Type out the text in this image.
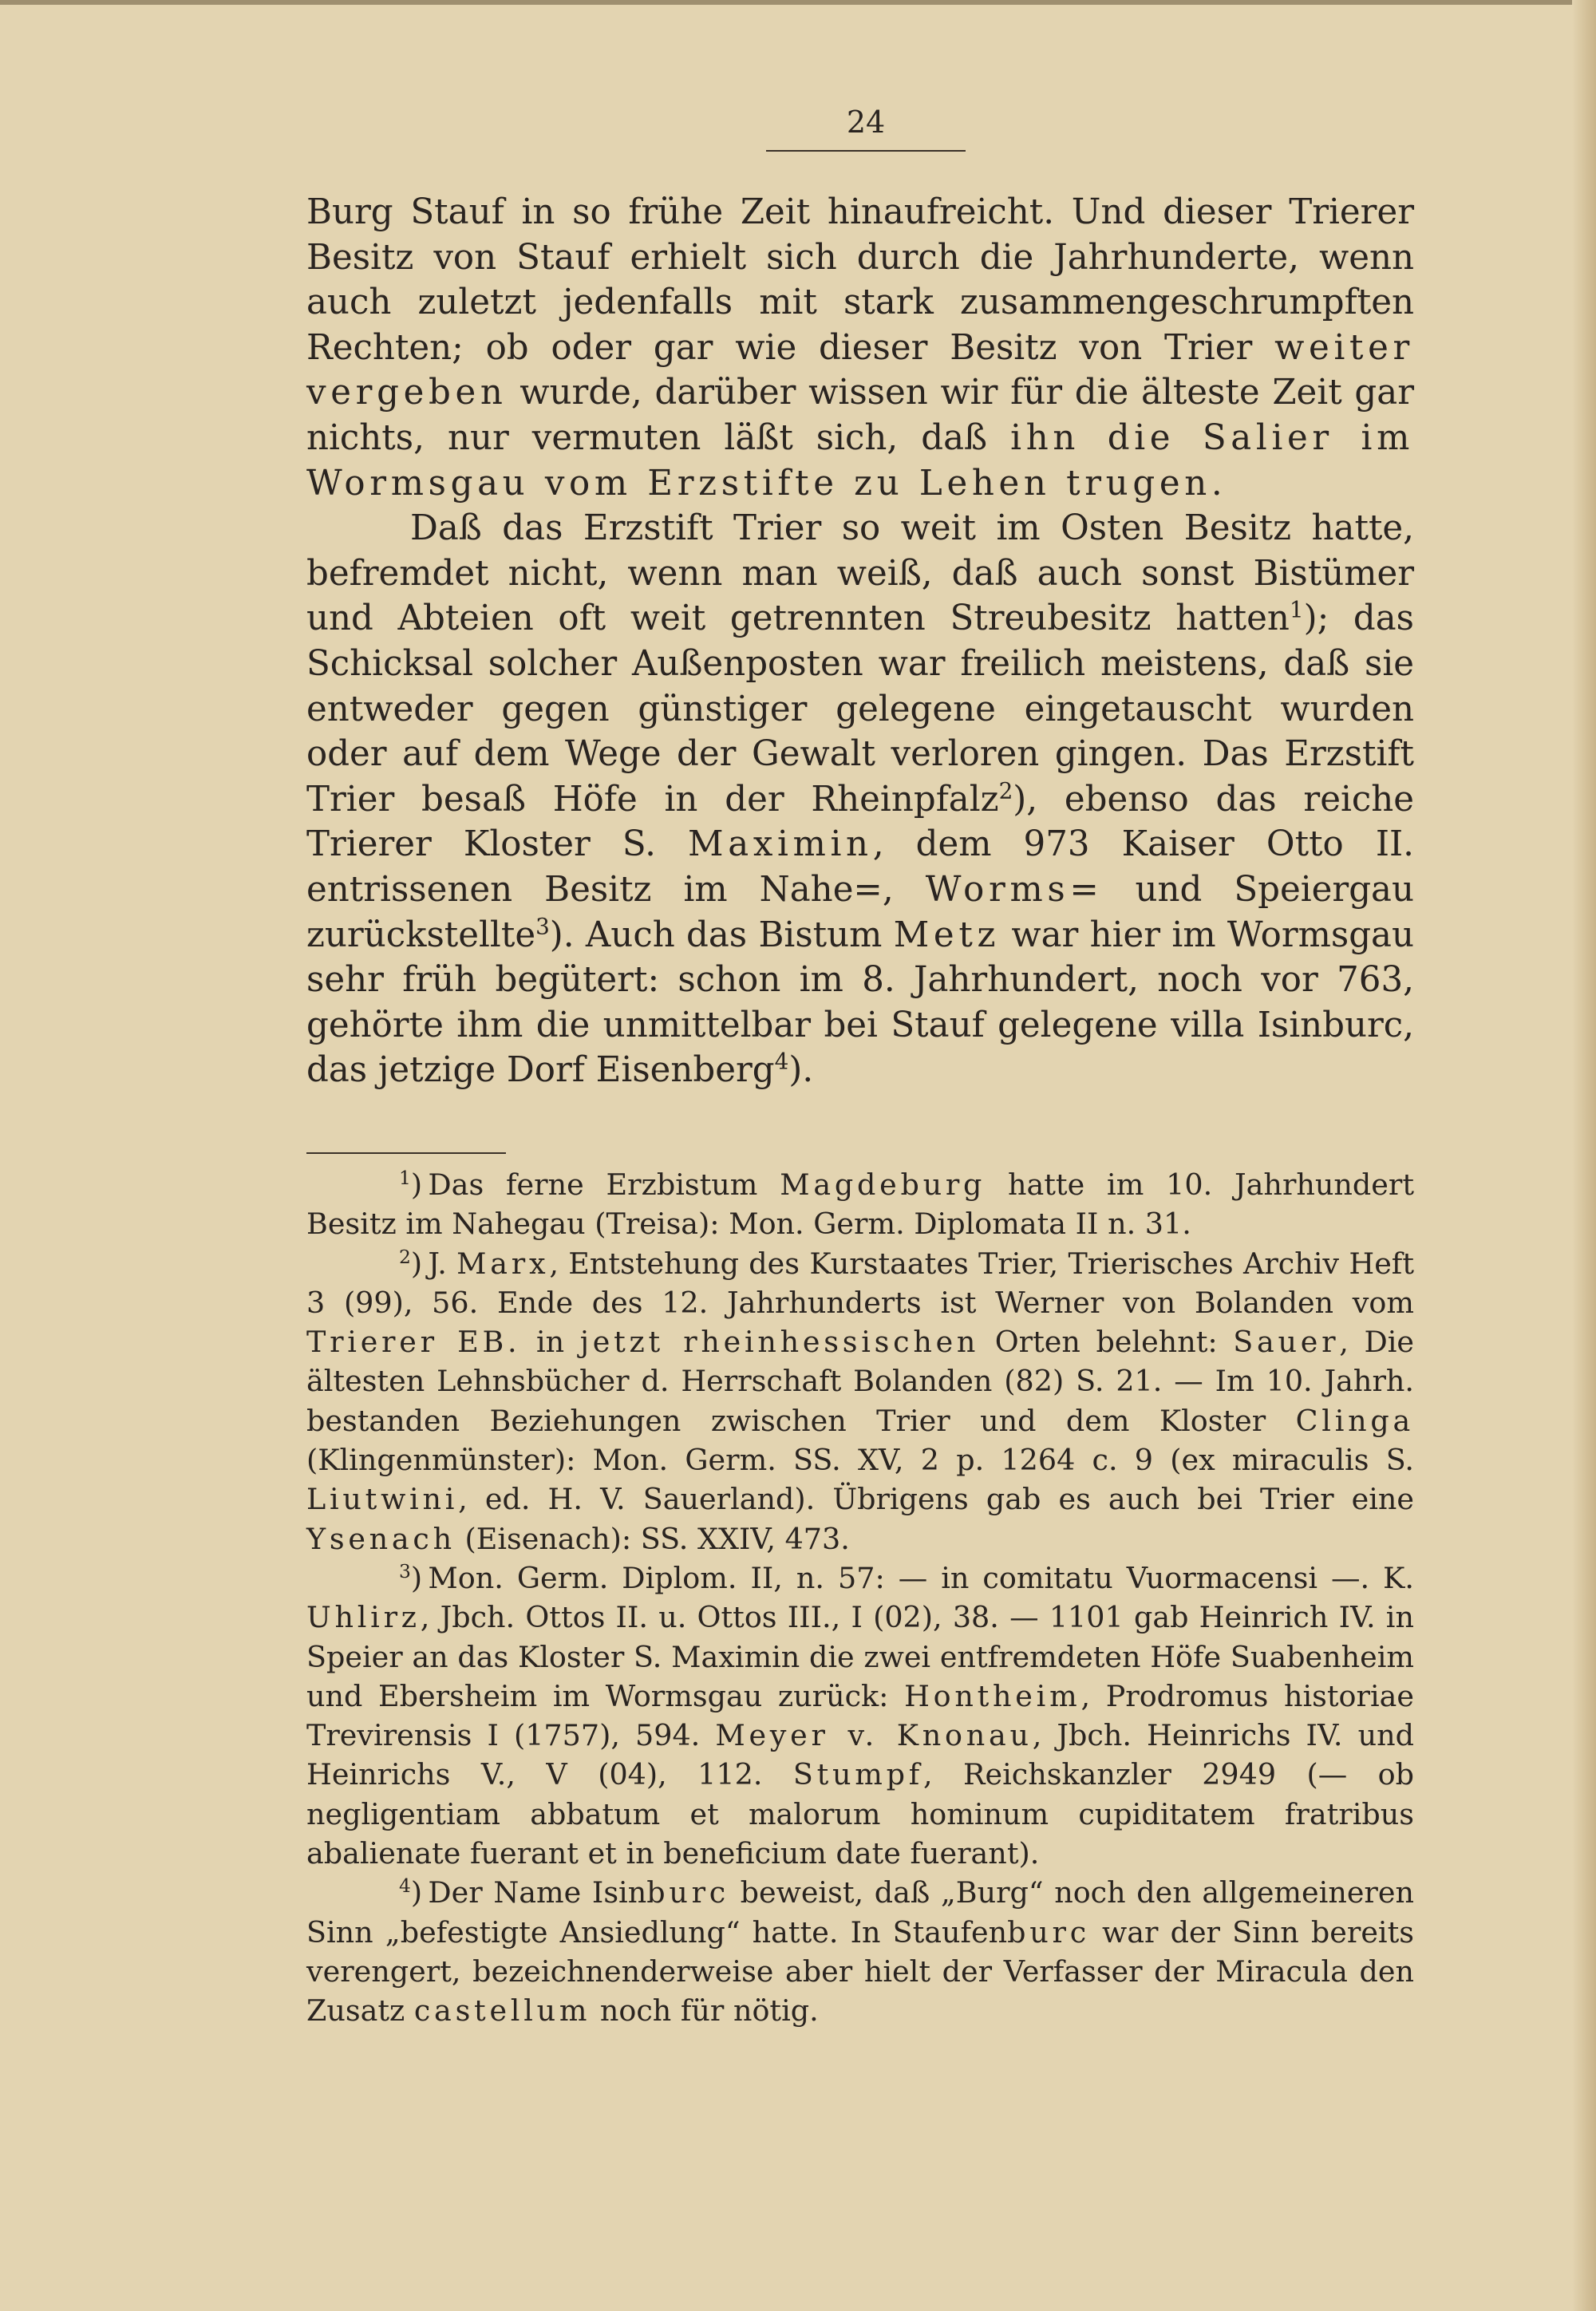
24

Burg Stauf in so frühe Zeit hinaufreicht. Und dieser Trierer Besitz von Stauf erhielt sich durch die Jahrhunderte, wenn auch zuletzt jedenfalls mit stark zusammengeschrumpften Rechten; ob oder gar wie dieser Besitz von Trier weiter vergeben wurde, darüber wissen wir für die älteste Zeit gar nichts, nur vermuten läßt sich, daß ihn die Salier im Wormsgau vom Erzstifte zu Lehen trugen.

Daß das Erzstift Trier so weit im Osten Besitz hatte, befremdet nicht, wenn man weiß, daß auch sonst Bistümer und Abteien oft weit getrennten Streubesitz hatten$^1$); das Schicksal solcher Außenposten war freilich meistens, daß sie entweder gegen günstiger gelegene eingetauscht wurden oder auf dem Wege der Gewalt verloren gingen. Das Erzstift Trier besaß Höfe in der Rheinpfalz$^2$), ebenso das reiche Trierer Kloster S. Maximin, dem 973 Kaiser Otto II. entrissenen Besitz im Nahe=, Worms= und Speiergau zurückstellte$^3$). Auch das Bistum Metz war hier im Wormsgau sehr früh begütert: schon im 8. Jahrhundert, noch vor 763, gehörte ihm die unmittelbar bei Stauf gelegene villa Isinburc, das jetzige Dorf Eisenberg$^4$).

$^1$) Das ferne Erzbistum Magdeburg hatte im 10. Jahrhundert Besitz im Nahegau (Treisa): Mon. Germ. Diplomata II n. 31.

$^2$) J. Marx, Entstehung des Kurstaates Trier, Trierisches Archiv Heft 3 (99), 56. Ende des 12. Jahrhunderts ist Werner von Bolanden vom Trierer EB. in jetzt rheinhessischen Orten belehnt: Sauer, Die ältesten Lehnsbücher d. Herrschaft Bolanden (82) S. 21. — Im 10. Jahrh. bestanden Beziehungen zwischen Trier und dem Kloster Clinga (Klingenmünster): Mon. Germ. SS. XV, 2 p. 1264 c. 9 (ex miraculis S. Liutwini, ed. H. V. Sauerland). Übrigens gab es auch bei Trier eine Ysenach (Eisenach): SS. XXIV, 473.

$^3$) Mon. Germ. Diplom. II, n. 57: — in comitatu Vuormacensi —. K. Uhlirz, Jbch. Ottos II. u. Ottos III., I (02), 38. — 1101 gab Heinrich IV. in Speier an das Kloster S. Maximin die zwei entfremdeten Höfe Suabenheim und Ebersheim im Wormsgau zurück: Hontheim, Prodromus historiae Trevirensis I (1757), 594. Meyer v. Knonau, Jbch. Heinrichs IV. und Heinrichs V., V (04), 112. Stumpf, Reichskanzler 2949 (— ob negligentiam abbatum et malorum hominum cupiditatem fratribus abalienate fuerant et in beneficium date fuerant).

$^4$) Der Name Isinburc beweist, daß „Burg“ noch den allgemeineren Sinn „befestigte Ansiedlung“ hatte. In Staufenburc war der Sinn bereits verengert, bezeichnenderweise aber hielt der Verfasser der Miracula den Zusatz castellum noch für nötig.
